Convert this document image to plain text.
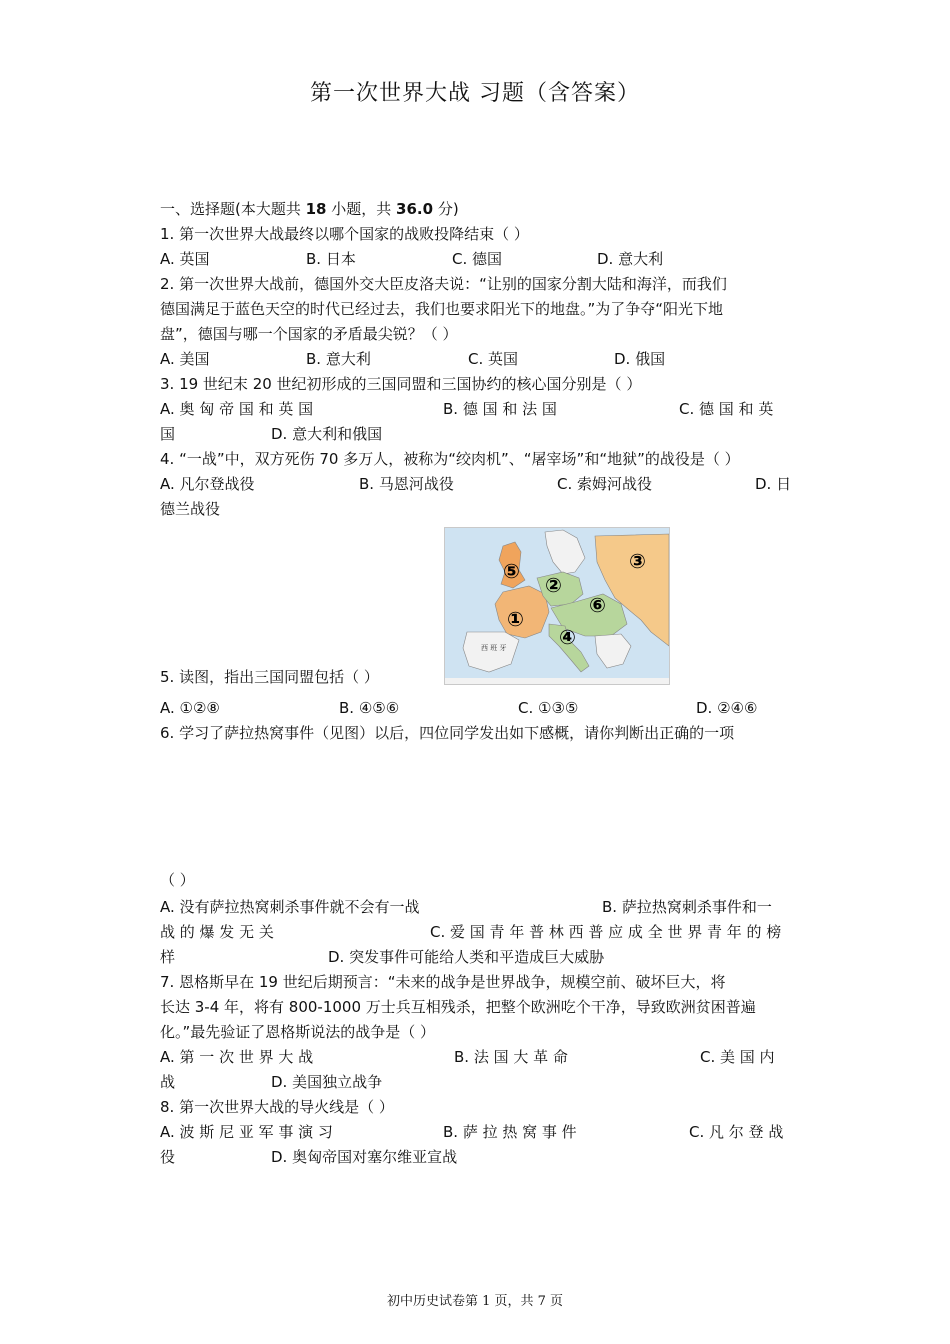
第一次世界大战 习题（含答案）
一、选择题(本大题共 18 小题，共 36.0 分)
1. 第一次世界大战最终以哪个国家的战败投降结束（ ）
A. 英国	B. 日本	C. 德国	D. 意大利
2. 第一次世界大战前，德国外交大臣皮洛夫说：“让别的国家分割大陆和海洋，而我们
德国满足于蓝色天空的时代已经过去，我们也要求阳光下的地盘。”为了争夺“阳光下地
盘”，德国与哪一个国家的矛盾最尖锐？（ ）
A. 美国	B. 意大利	C. 英国	D. 俄国
3. 19 世纪末 20 世纪初形成的三国同盟和三国协约的核心国分别是（ ）
A. 奥 匈 帝 国 和 英 国	B. 德 国 和 法 国	C. 德 国 和 英
国	D. 意大利和俄国
4. “一战”中，双方死伤 70 多万人，被称为“绞肉机”、“屠宰场”和“地狱”的战役是（ ）
A. 凡尔登战役	B. 马恩河战役	C. 索姆河战役	D. 日
德兰战役
西 班 牙
①
②
③
④
⑤
⑥
5. 读图，指出三国同盟包括（ ）
A. ①②⑧	B. ④⑤⑥	C. ①③⑤	D. ②④⑥
6. 学习了萨拉热窝事件（见图）以后，四位同学发出如下感概，请你判断出正确的一项
（ ）
A. 没有萨拉热窝刺杀事件就不会有一战	B. 萨拉热窝刺杀事件和一
战 的 爆 发 无 关	C. 爱 国 青 年 普 林 西 普 应 成 全 世 界 青 年 的 榜
样	D. 突发事件可能给人类和平造成巨大威胁
7. 恩格斯早在 19 世纪后期预言：“未来的战争是世界战争，规模空前、破坏巨大，将
长达 3-4 年，将有 800-1000 万士兵互相残杀，把整个欧洲吃个干净，导致欧洲贫困普遍
化。”最先验证了恩格斯说法的战争是（ ）
A. 第 一 次 世 界 大 战	B. 法 国 大 革 命	C. 美 国 内
战	D. 美国独立战争
8. 第一次世界大战的导火线是（ ）
A. 波 斯 尼 亚 军 事 演 习	B. 萨 拉 热 窝 事 件	C. 凡 尔 登 战
役	D. 奥匈帝国对塞尔维亚宣战
初中历史试卷第 1 页，共 7 页
